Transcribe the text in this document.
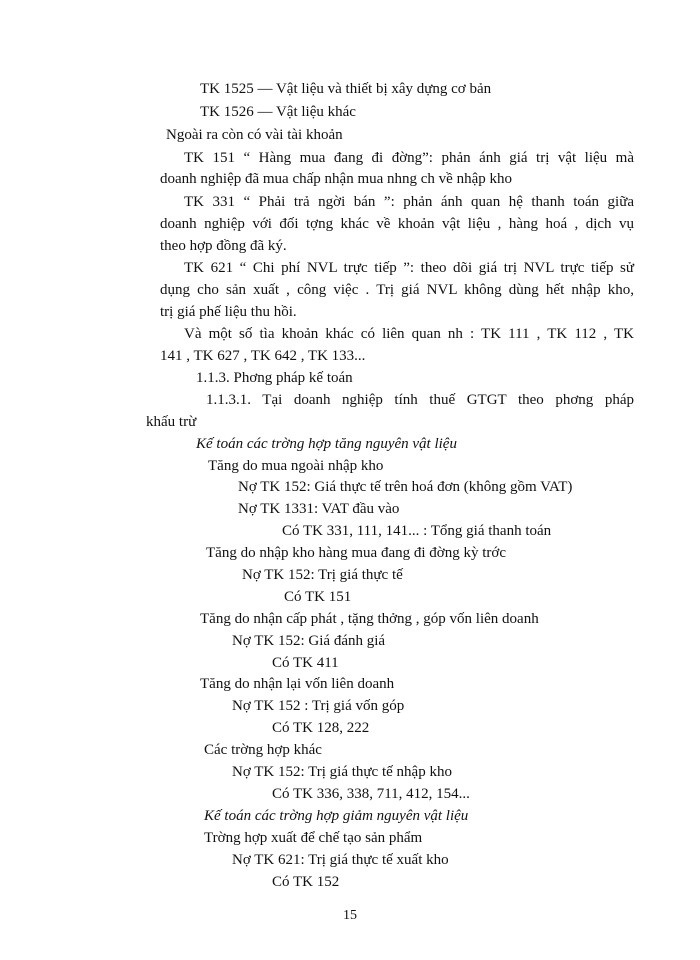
TK 1525 — Vật liệu và thiết bị xây dựng cơ bản
TK 1526 — Vật liệu khác
Ngoài ra còn có vài tài khoản
TK 151 “ Hàng mua đang đi đờng”: phản ánh giá trị vật liệu mà
doanh nghiệp đã mua chấp nhận mua nhng ch về nhập kho
TK 331 “ Phải trả ngời bán ”: phản ánh quan hệ thanh toán giữa
doanh nghiệp với đối tợng khác về khoản vật liệu , hàng hoá , dịch vụ
theo hợp đồng đã ký.
TK 621 “ Chi phí NVL trực tiếp ”: theo dõi giá trị NVL trực tiếp sử
dụng cho sản xuất , công việc . Trị giá NVL không dùng hết nhập kho,
trị giá phế liệu thu hồi.
Và một số tìa khoản khác có liên quan nh : TK 111 , TK 112 , TK
141 , TK 627 , TK 642 , TK 133...
1.1.3. Phơng pháp kế toán
1.1.3.1. Tại doanh nghiệp tính thuế GTGT theo phơng pháp
khấu trừ
Kế toán các trờng hợp tăng nguyên vật liệu
Tăng do mua ngoài nhập kho
Nợ TK 152: Giá thực tế trên hoá đơn (không gồm VAT)
Nợ TK 1331: VAT đầu vào
Có TK 331, 111, 141... : Tổng giá thanh toán
Tăng do nhập kho hàng mua đang đi đờng kỳ trớc
Nợ TK 152: Trị giá thực tế
Có TK 151
Tăng do nhận cấp phát , tặng thởng , góp vốn liên doanh
Nợ TK 152: Giá đánh giá
Có TK 411
Tăng do nhận lại vốn liên doanh
Nợ TK 152 : Trị giá vốn góp
Có TK 128, 222
Các trờng hợp khác
Nợ TK 152: Trị giá thực tế nhập kho
Có TK 336, 338, 711, 412, 154...
Kế toán các trờng hợp giảm nguyên vật liệu
Trờng hợp xuất để chế tạo sản phẩm
Nợ TK 621: Trị giá thực tế xuất kho
Có TK 152
15
